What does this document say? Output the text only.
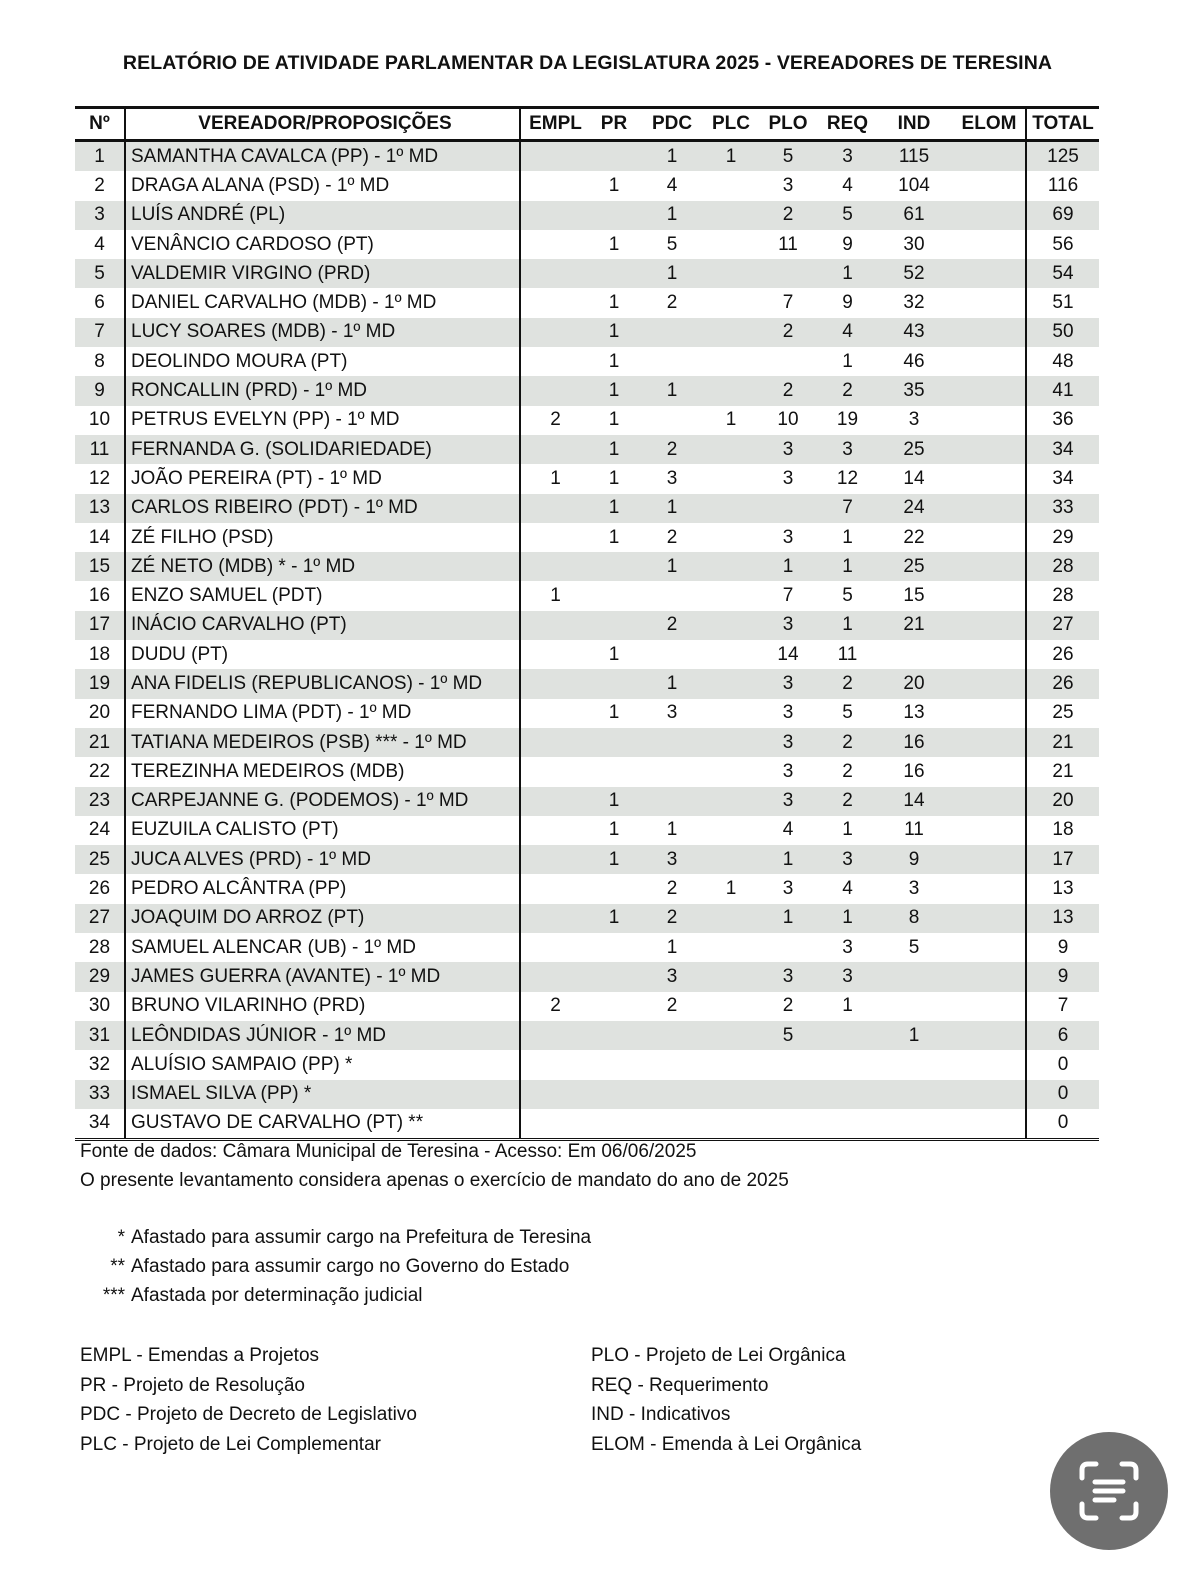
RELATÓRIO DE ATIVIDADE PARLAMENTAR DA LEGISLATURA 2025 - VEREADORES DE TERESINA
Nº	VEREADOR/PROPOSIÇÕES	EMPL	PR	PDC	PLC	PLO	REQ	IND	ELOM	TOTAL
1	SAMANTHA CAVALCA (PP) - 1º MD			1	1	5	3	115		125
2	DRAGA ALANA (PSD) - 1º MD		1	4		3	4	104		116
3	LUÍS ANDRÉ (PL)			1		2	5	61		69
4	VENÂNCIO CARDOSO (PT)		1	5		11	9	30		56
5	VALDEMIR VIRGINO (PRD)			1			1	52		54
6	DANIEL CARVALHO (MDB) - 1º MD		1	2		7	9	32		51
7	LUCY SOARES (MDB) - 1º MD		1			2	4	43		50
8	DEOLINDO MOURA (PT)		1				1	46		48
9	RONCALLIN (PRD) - 1º MD		1	1		2	2	35		41
10	PETRUS EVELYN (PP) - 1º MD	2	1		1	10	19	3		36
11	FERNANDA G. (SOLIDARIEDADE)		1	2		3	3	25		34
12	JOÃO PEREIRA (PT) - 1º MD	1	1	3		3	12	14		34
13	CARLOS RIBEIRO (PDT) - 1º MD		1	1			7	24		33
14	ZÉ FILHO (PSD)		1	2		3	1	22		29
15	ZÉ NETO (MDB) * - 1º MD			1		1	1	25		28
16	ENZO SAMUEL (PDT)	1				7	5	15		28
17	INÁCIO CARVALHO (PT)			2		3	1	21		27
18	DUDU (PT)		1			14	11			26
19	ANA FIDELIS (REPUBLICANOS) - 1º MD			1		3	2	20		26
20	FERNANDO LIMA (PDT) - 1º MD		1	3		3	5	13		25
21	TATIANA MEDEIROS (PSB) *** - 1º MD					3	2	16		21
22	TEREZINHA MEDEIROS (MDB)					3	2	16		21
23	CARPEJANNE G. (PODEMOS) - 1º MD		1			3	2	14		20
24	EUZUILA CALISTO (PT)		1	1		4	1	11		18
25	JUCA ALVES (PRD) - 1º MD		1	3		1	3	9		17
26	PEDRO ALCÂNTRA (PP)			2	1	3	4	3		13
27	JOAQUIM DO ARROZ (PT)		1	2		1	1	8		13
28	SAMUEL ALENCAR (UB) - 1º MD			1			3	5		9
29	JAMES GUERRA (AVANTE) - 1º MD			3		3	3			9
30	BRUNO VILARINHO (PRD)	2		2		2	1			7
31	LEÔNDIDAS JÚNIOR - 1º MD					5		1		6
32	ALUÍSIO SAMPAIO (PP) *									0
33	ISMAEL SILVA (PP) *									0
34	GUSTAVO DE CARVALHO (PT) **									0
Fonte de dados: Câmara Municipal de Teresina - Acesso: Em 06/06/2025
O presente levantamento considera apenas o exercício de mandato do ano de 2025
* Afastado para assumir cargo na Prefeitura de Teresina
** Afastado para assumir cargo no Governo do Estado
*** Afastada por determinação judicial
EMPL - Emendas a Projetos
PR - Projeto de Resolução
PDC - Projeto de Decreto de Legislativo
PLC - Projeto de Lei Complementar
PLO - Projeto de Lei Orgânica
REQ - Requerimento
IND - Indicativos
ELOM - Emenda à Lei Orgânica
